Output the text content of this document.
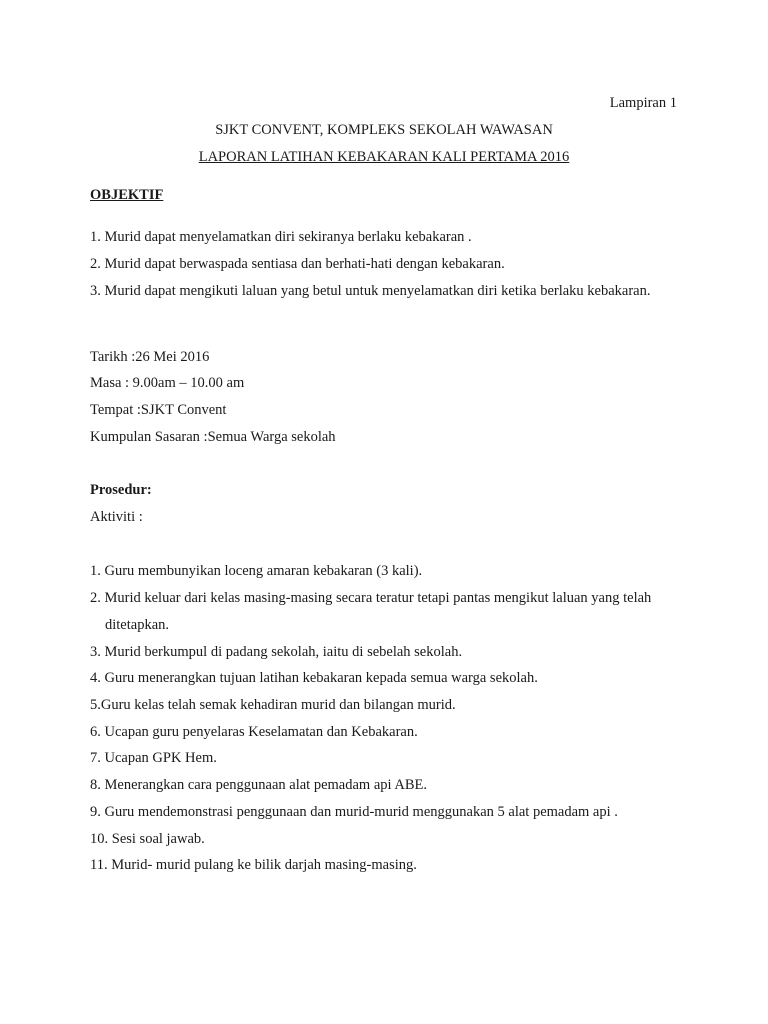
Lampiran 1
SJKT CONVENT, KOMPLEKS SEKOLAH WAWASAN
LAPORAN LATIHAN KEBAKARAN KALI PERTAMA 2016
OBJEKTIF
1. Murid dapat menyelamatkan diri sekiranya berlaku kebakaran .
2. Murid dapat berwaspada sentiasa dan berhati-hati dengan kebakaran.
3. Murid dapat mengikuti laluan yang betul untuk menyelamatkan diri ketika berlaku kebakaran.
Tarikh :26 Mei 2016
Masa : 9.00am – 10.00 am
Tempat :SJKT Convent
Kumpulan Sasaran :Semua Warga sekolah
Prosedur:
Aktiviti :
1. Guru membunyikan loceng amaran kebakaran (3 kali).
2. Murid keluar dari kelas masing-masing secara teratur tetapi pantas mengikut laluan yang telah
ditetapkan.
3. Murid berkumpul di padang sekolah, iaitu di sebelah sekolah.
4. Guru menerangkan tujuan latihan kebakaran kepada semua warga sekolah.
5.Guru kelas telah semak kehadiran murid dan bilangan murid.
6. Ucapan guru penyelaras Keselamatan dan Kebakaran.
7. Ucapan GPK Hem.
8. Menerangkan cara penggunaan alat pemadam api ABE.
9. Guru mendemonstrasi penggunaan dan murid-murid menggunakan 5 alat pemadam api .
10. Sesi soal jawab.
11. Murid- murid pulang ke bilik darjah masing-masing.
